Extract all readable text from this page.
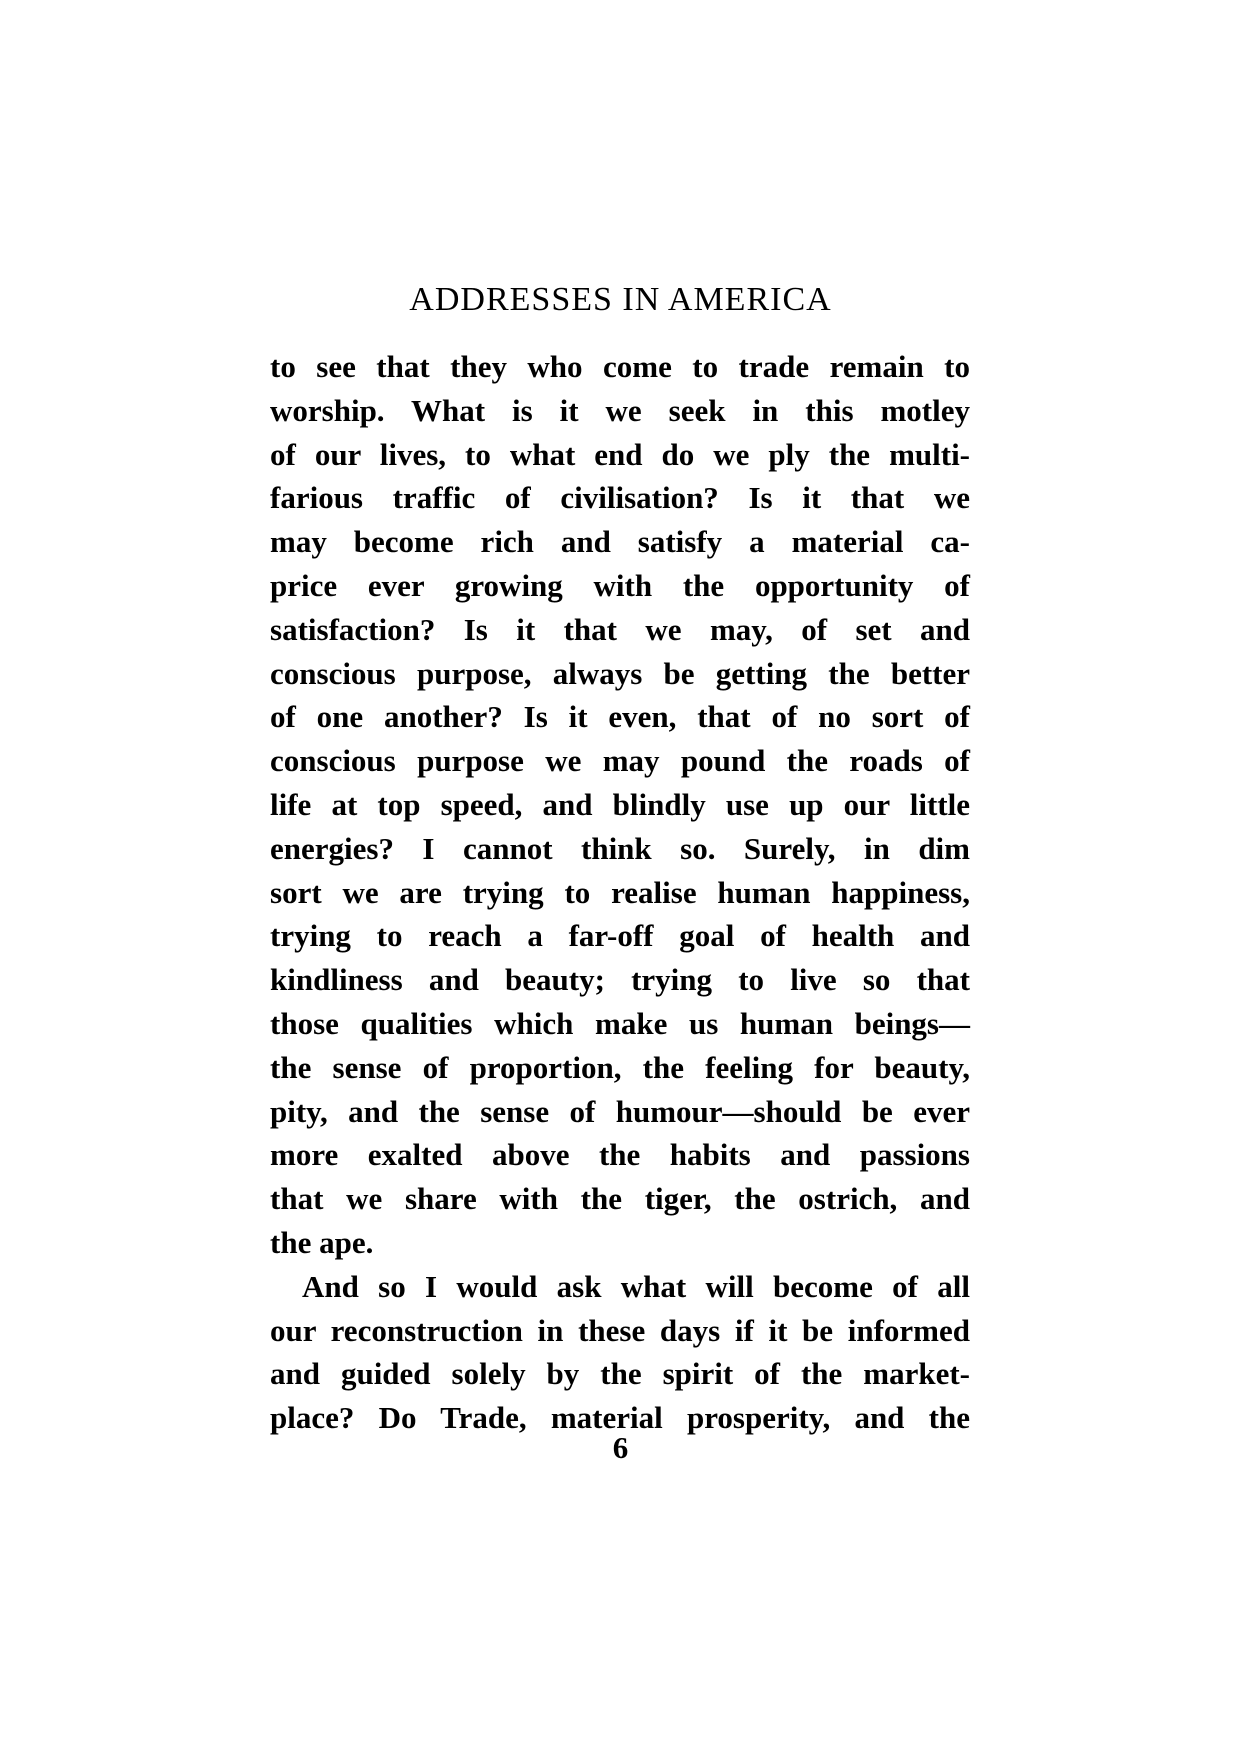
ADDRESSES IN AMERICA
to see that they who come to trade remain to
worship. What is it we seek in this motley
of our lives, to what end do we ply the multi-
farious traffic of civilisation? Is it that we
may become rich and satisfy a material ca-
price ever growing with the opportunity of
satisfaction? Is it that we may, of set and
conscious purpose, always be getting the better
of one another? Is it even, that of no sort of
conscious purpose we may pound the roads of
life at top speed, and blindly use up our little
energies? I cannot think so. Surely, in dim
sort we are trying to realise human happiness,
trying to reach a far-off goal of health and
kindliness and beauty; trying to live so that
those qualities which make us human beings—
the sense of proportion, the feeling for beauty,
pity, and the sense of humour—should be ever
more exalted above the habits and passions
that we share with the tiger, the ostrich, and
the ape.
And so I would ask what will become of all
our reconstruction in these days if it be informed
and guided solely by the spirit of the market-
place? Do Trade, material prosperity, and the
6
